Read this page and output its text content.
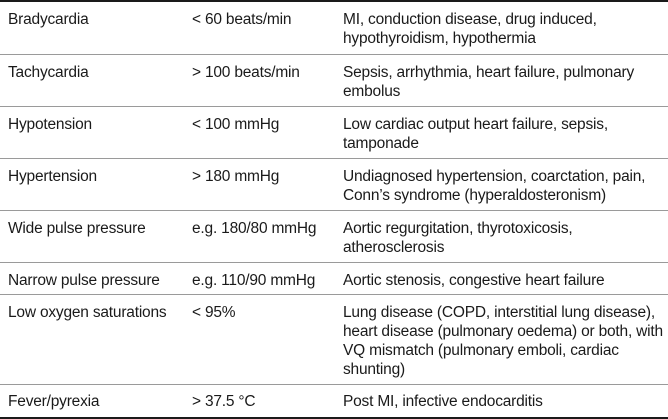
Bradycardia	< 60 beats/min	MI, conduction disease, drug induced, hypothyroidism, hypothermia
Tachycardia	> 100 beats/min	Sepsis, arrhythmia, heart failure, pulmonary embolus
Hypotension	< 100 mmHg	Low cardiac output heart failure, sepsis, tamponade
Hypertension	> 180 mmHg	Undiagnosed hypertension, coarctation, pain, Conn’s syndrome (hyperaldosteronism)
Wide pulse pressure	e.g. 180/80 mmHg	Aortic regurgitation, thyrotoxicosis, atherosclerosis
Narrow pulse pressure	e.g. 110/90 mmHg	Aortic stenosis, congestive heart failure
Low oxygen saturations	< 95%	Lung disease (COPD, interstitial lung disease), heart disease (pulmonary oedema) or both, with VQ mismatch (pulmonary emboli, cardiac shunting)
Fever/pyrexia	> 37.5 °C	Post MI, infective endocarditis
